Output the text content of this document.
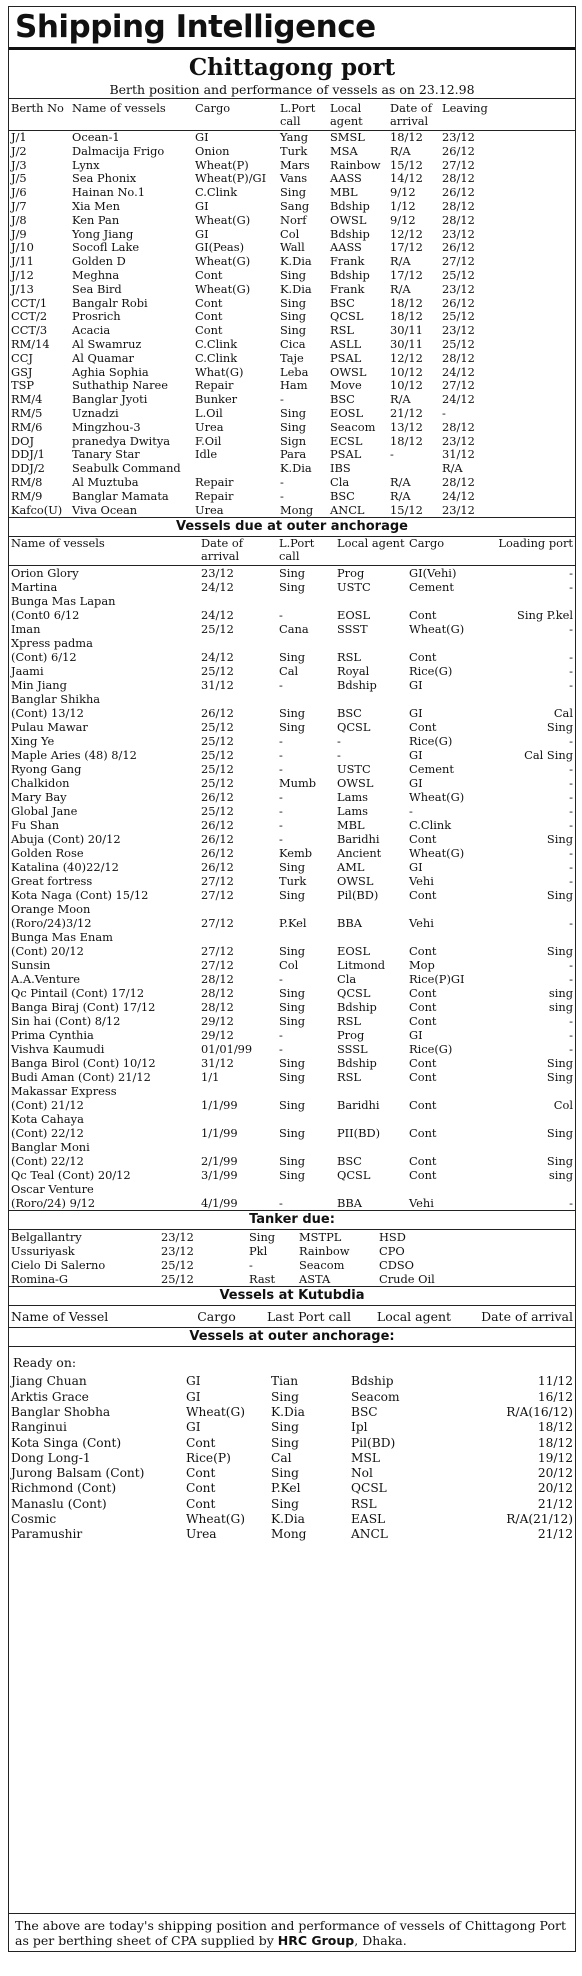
Shipping Intelligence
Chittagong port
Berth position and performance of vessels as on 23.12.98
Berth No	Name of vessels	Cargo	L.Port call	Local agent	Date of arrival	Leaving
J/1	Ocean-1	GI	Yang	SMSL	18/12	23/12
J/2	Dalmacija Frigo	Onion	Turk	MSA	R/A	26/12
J/3	Lynx	Wheat(P)	Mars	Rainbow	15/12	27/12
J/5	Sea Phonix	Wheat(P)/GI	Vans	AASS	14/12	28/12
J/6	Hainan No.1	C.Clink	Sing	MBL	9/12	26/12
J/7	Xia Men	GI	Sang	Bdship	1/12	28/12
J/8	Ken Pan	Wheat(G)	Norf	OWSL	9/12	28/12
J/9	Yong Jiang	GI	Col	Bdship	12/12	23/12
J/10	Socofl Lake	GI(Peas)	Wall	AASS	17/12	26/12
J/11	Golden D	Wheat(G)	K.Dia	Frank	R/A	27/12
J/12	Meghna	Cont	Sing	Bdship	17/12	25/12
J/13	Sea Bird	Wheat(G)	K.Dia	Frank	R/A	23/12
CCT/1	Bangalr Robi	Cont	Sing	BSC	18/12	26/12
CCT/2	Prosrich	Cont	Sing	QCSL	18/12	25/12
CCT/3	Acacia	Cont	Sing	RSL	30/11	23/12
RM/14	Al Swamruz	C.Clink	Cica	ASLL	30/11	25/12
CCJ	Al Quamar	C.Clink	Taje	PSAL	12/12	28/12
GSJ	Aghia Sophia	What(G)	Leba	OWSL	10/12	24/12
TSP	Suthathip Naree	Repair	Ham	Move	10/12	27/12
RM/4	Banglar Jyoti	Bunker	-	BSC	R/A	24/12
RM/5	Uznadzi	L.Oil	Sing	EOSL	21/12	-
RM/6	Mingzhou-3	Urea	Sing	Seacom	13/12	28/12
DOJ	pranedya Dwitya	F.Oil	Sign	ECSL	18/12	23/12
DDJ/1	Tanary Star	Idle	Para	PSAL	-	31/12
DDJ/2	Seabulk Command		K.Dia	IBS		R/A
RM/8	Al Muztuba	Repair	-	Cla	R/A	28/12
RM/9	Banglar Mamata	Repair	-	BSC	R/A	24/12
Kafco(U)	Viva Ocean	Urea	Mong	ANCL	15/12	23/12
Vessels due at outer anchorage
Name of vessels	Date of arrival	L.Port call	Local agent	Cargo	Loading port
Orion Glory	23/12	Sing	Prog	GI(Vehi)	-
Martina	24/12	Sing	USTC	Cement	-
Bunga Mas Lapan					
(Cont0 6/12	24/12	-	EOSL	Cont	Sing P.kel
Iman	25/12	Cana	SSST	Wheat(G)	-
Xpress padma					
(Cont) 6/12	24/12	Sing	RSL	Cont	-
Jaami	25/12	Cal	Royal	Rice(G)	-
Min Jiang	31/12	-	Bdship	GI	-
Banglar Shikha					
(Cont) 13/12	26/12	Sing	BSC	GI	Cal
Pulau Mawar	25/12	Sing	QCSL	Cont	Sing
Xing Ye	25/12	-	-	Rice(G)	-
Maple Aries (48) 8/12	25/12	-	-	GI	Cal Sing
Ryong Gang	25/12	-	USTC	Cement	-
Chalkidon	25/12	Mumb	OWSL	GI	-
Mary Bay	26/12	-	Lams	Wheat(G)	-
Global Jane	25/12	-	Lams	-	-
Fu Shan	26/12	-	MBL	C.Clink	-
Abuja (Cont) 20/12	26/12	-	Baridhi	Cont	Sing
Golden Rose	26/12	Kemb	Ancient	Wheat(G)	-
Katalina (40)22/12	26/12	Sing	AML	GI	-
Great fortress	27/12	Turk	OWSL	Vehi	-
Kota Naga (Cont) 15/12	27/12	Sing	Pil(BD)	Cont	Sing
Orange Moon					
(Roro/24)3/12	27/12	P.Kel	BBA	Vehi	-
Bunga Mas Enam					
(Cont) 20/12	27/12	Sing	EOSL	Cont	Sing
Sunsin	27/12	Col	Litmond	Mop	-
A.A.Venture	28/12	-	Cla	Rice(P)GI	-
Qc Pintail (Cont) 17/12	28/12	Sing	QCSL	Cont	sing
Banga Biraj (Cont) 17/12	28/12	Sing	Bdship	Cont	sing
Sin hai (Cont) 8/12	29/12	Sing	RSL	Cont	-
Prima Cynthia	29/12	-	Prog	GI	-
Vishva Kaumudi	01/01/99	-	SSSL	Rice(G)	-
Banga Birol (Cont) 10/12	31/12	Sing	Bdship	Cont	Sing
Budi Aman (Cont) 21/12	1/1	Sing	RSL	Cont	Sing
Makassar Express					
(Cont) 21/12	1/1/99	Sing	Baridhi	Cont	Col
Kota Cahaya					
(Cont) 22/12	1/1/99	Sing	PII(BD)	Cont	Sing
Banglar Moni					
(Cont) 22/12	2/1/99	Sing	BSC	Cont	Sing
Qc Teal (Cont) 20/12	3/1/99	Sing	QCSL	Cont	sing
Oscar Venture					
(Roro/24) 9/12	4/1/99	-	BBA	Vehi	-
Tanker due:
Belgallantry	23/12	Sing	MSTPL	HSD
Ussuriyask	23/12	Pkl	Rainbow	CPO
Cielo Di Salerno	25/12	-	Seacom	CDSO
Romina-G	25/12	Rast	ASTA	Crude Oil
Vessels at Kutubdia
Name of Vessel	Cargo	Last Port call	Local agent	Date of arrival
Vessels at outer anchorage:
Ready on:
Jiang Chuan	GI	Tian	Bdship	11/12
Arktis Grace	GI	Sing	Seacom	16/12
Banglar Shobha	Wheat(G)	K.Dia	BSC	R/A(16/12)
Ranginui	GI	Sing	Ipl	18/12
Kota Singa (Cont)	Cont	Sing	Pil(BD)	18/12
Dong Long-1	Rice(P)	Cal	MSL	19/12
Jurong Balsam (Cont)	Cont	Sing	Nol	20/12
Richmond (Cont)	Cont	P.Kel	QCSL	20/12
Manaslu (Cont)	Cont	Sing	RSL	21/12
Cosmic	Wheat(G)	K.Dia	EASL	R/A(21/12)
Paramushir	Urea	Mong	ANCL	21/12
The above are today's shipping position and performance of vessels of Chittagong Port as per berthing sheet of CPA supplied by HRC Group, Dhaka.
